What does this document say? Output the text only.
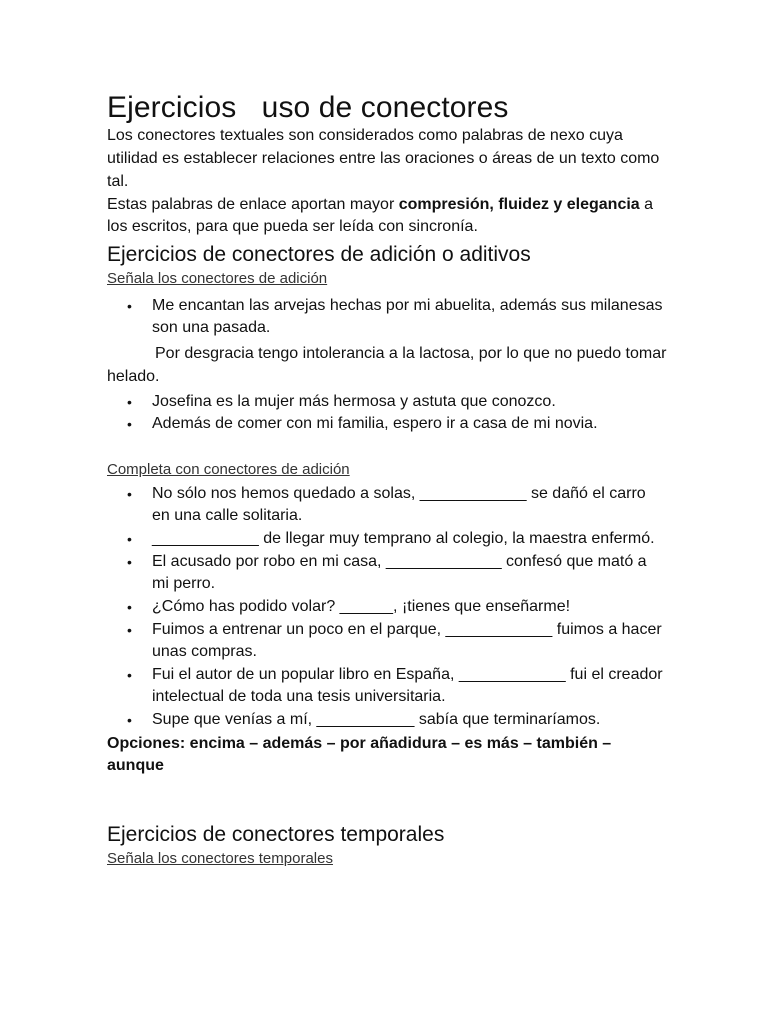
Ejercicios   uso de conectores

Los conectores textuales son considerados como palabras de nexo cuya utilidad es establecer relaciones entre las oraciones o áreas de un texto como tal.

Estas palabras de enlace aportan mayor compresión, fluidez y elegancia a los escritos, para que pueda ser leída con sincronía.

Ejercicios de conectores de adición o aditivos

Señala los conectores de adición

• Me encantan las arvejas hechas por mi abuelita, además sus milanesas son una pasada.

Por desgracia tengo intolerancia a la lactosa, por lo que no puedo tomar helado.

• Josefina es la mujer más hermosa y astuta que conozco.
• Además de comer con mi familia, espero ir a casa de mi novia.

Completa con conectores de adición

• No sólo nos hemos quedado a solas, ____________ se dañó el carro en una calle solitaria.
• ____________ de llegar muy temprano al colegio, la maestra enfermó.
• El acusado por robo en mi casa, _____________ confesó que mató a mi perro.
• ¿Cómo has podido volar? ______, ¡tienes que enseñarme!
• Fuimos a entrenar un poco en el parque, ____________ fuimos a hacer unas compras.
• Fui el autor de un popular libro en España, ____________ fui el creador intelectual de toda una tesis universitaria.
• Supe que venías a mí, ___________ sabía que terminaríamos.

Opciones: encima – además – por añadidura – es más – también – aunque

Ejercicios de conectores temporales

Señala los conectores temporales
